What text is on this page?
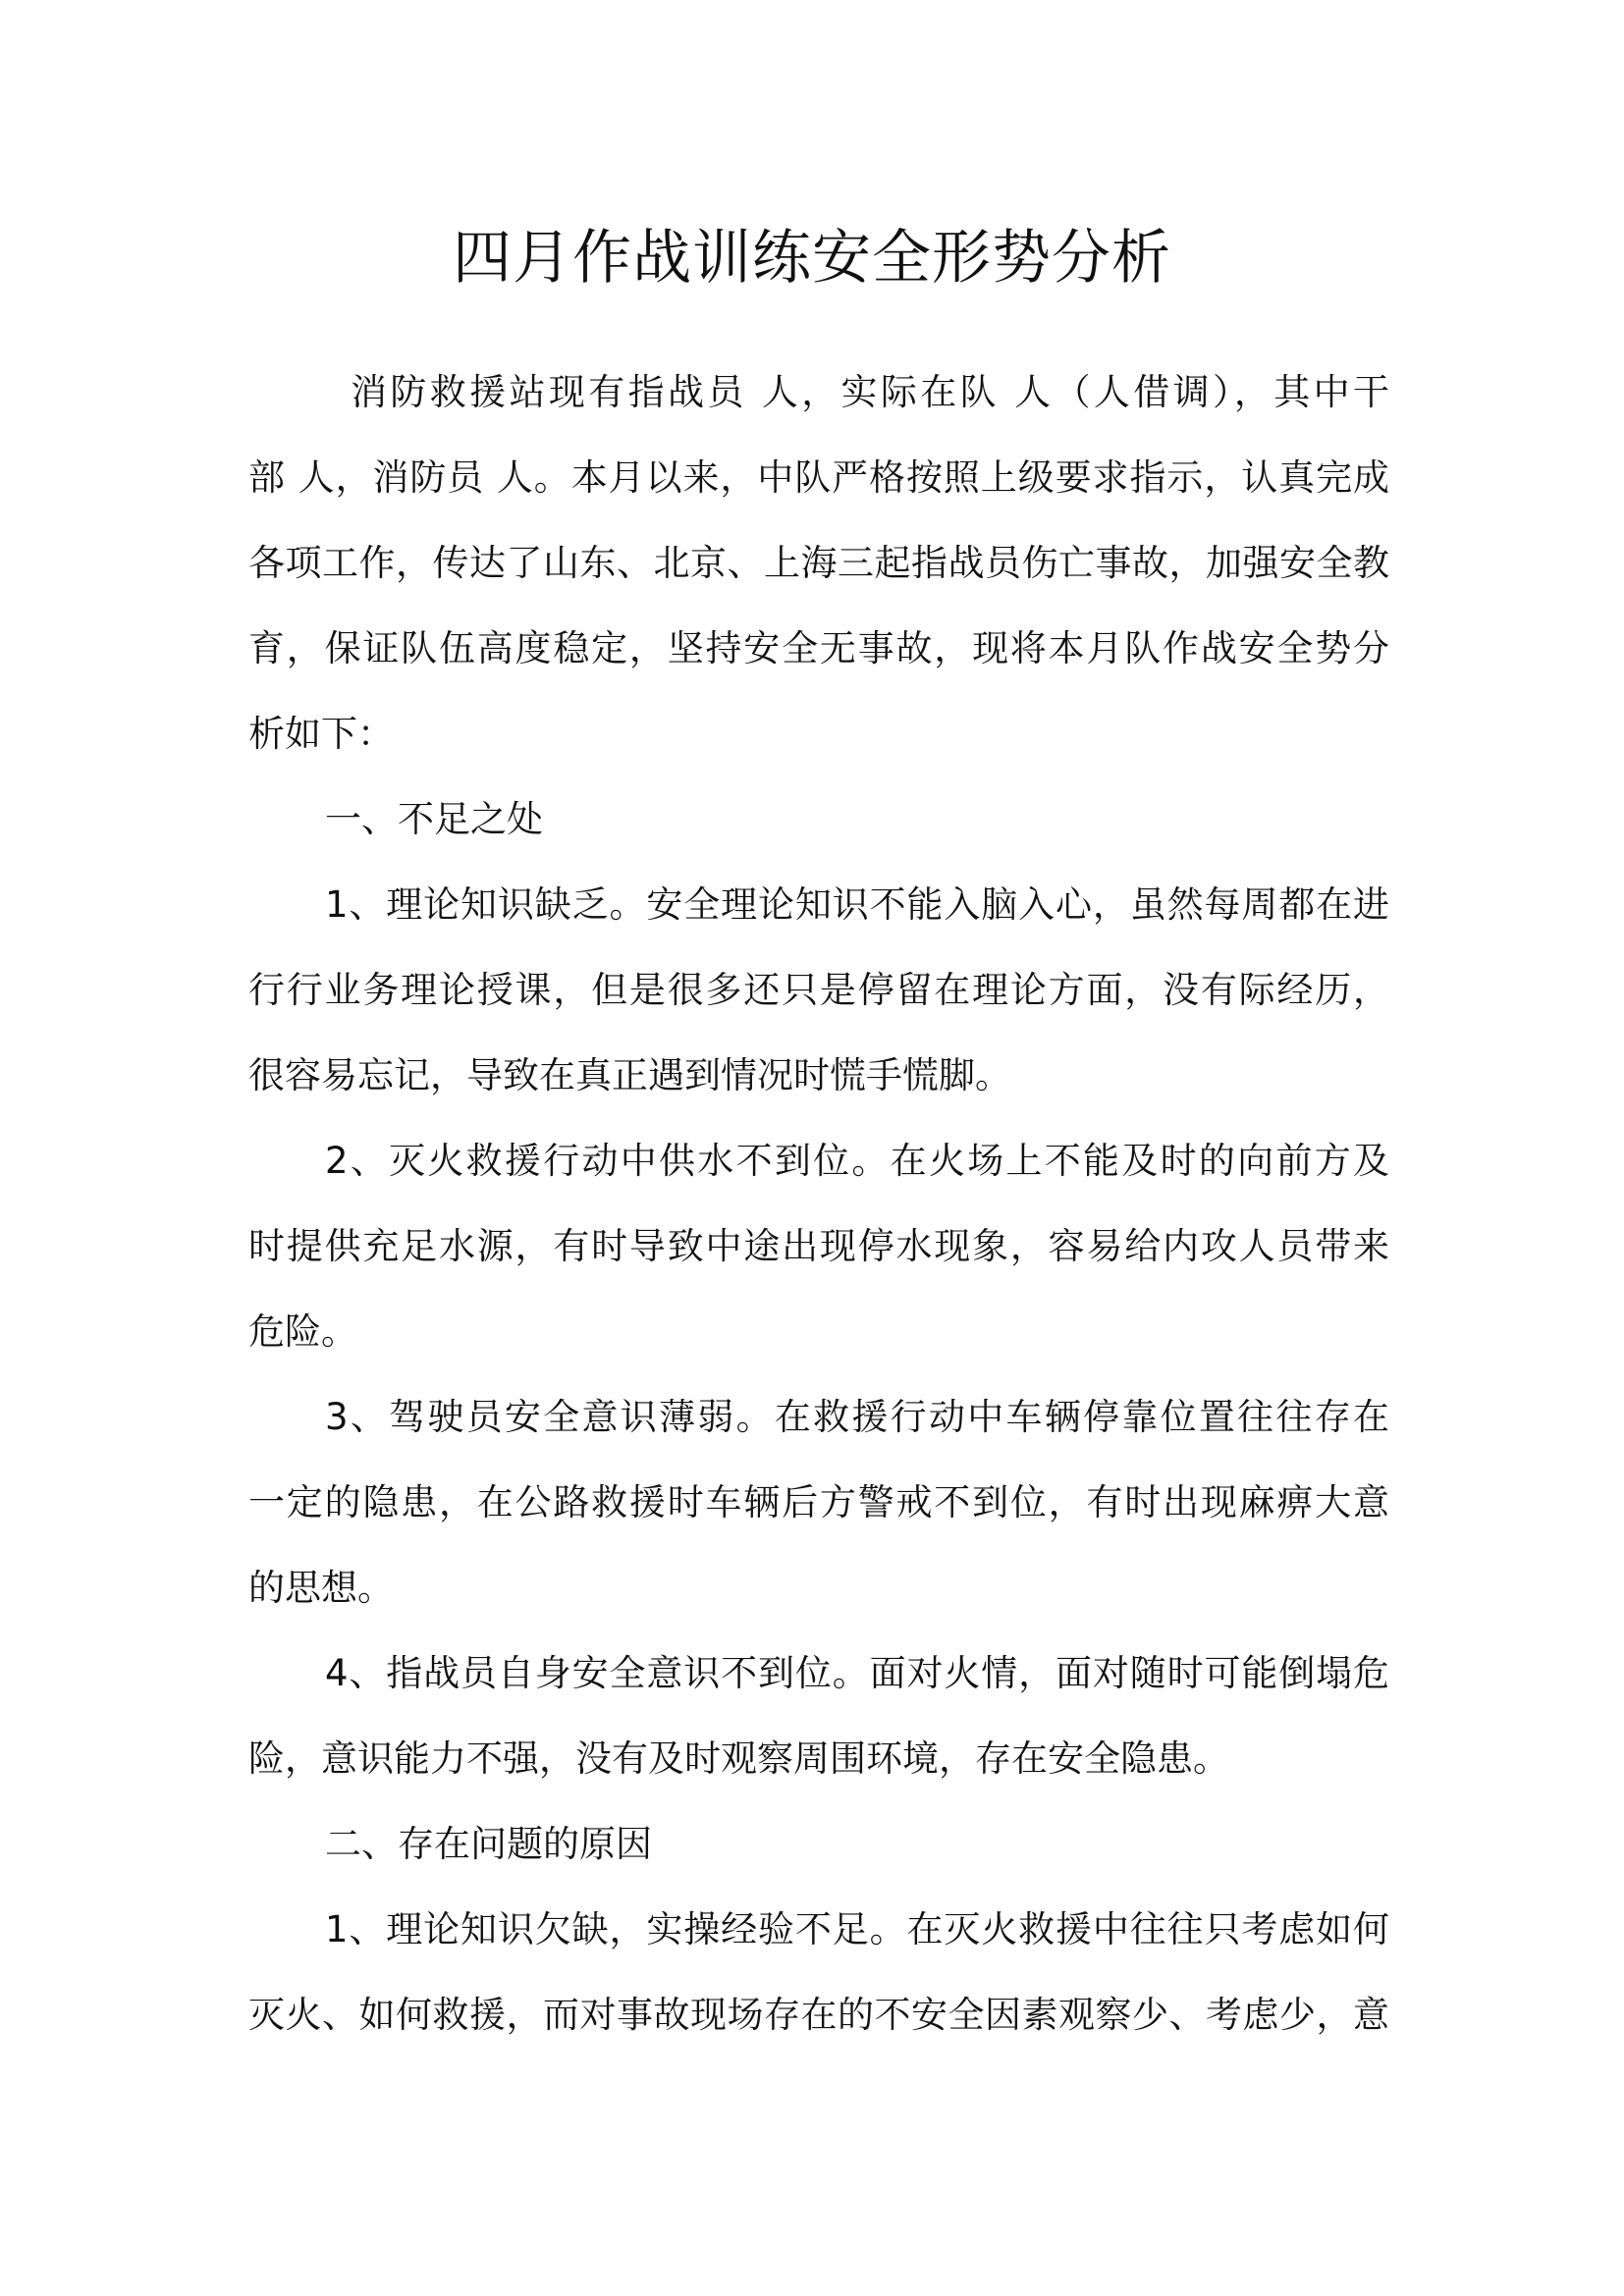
四月作战训练安全形势分析
消防救援站现有指战员 人，实际在队 人（人借调），其中干
部 人，消防员 人。本月以来，中队严格按照上级要求指示，认真完成
各项工作，传达了山东、北京、上海三起指战员伤亡事故，加强安全教
育，保证队伍高度稳定，坚持安全无事故，现将本月队作战安全势分
析如下：
一、不足之处
1、理论知识缺乏。安全理论知识不能入脑入心，虽然每周都在进
行行业务理论授课，但是很多还只是停留在理论方面，没有际经历，
很容易忘记，导致在真正遇到情况时慌手慌脚。
2、灭火救援行动中供水不到位。在火场上不能及时的向前方及
时提供充足水源，有时导致中途出现停水现象，容易给内攻人员带来
危险。
3、驾驶员安全意识薄弱。在救援行动中车辆停靠位置往往存在
一定的隐患，在公路救援时车辆后方警戒不到位，有时出现麻痹大意
的思想。
4、指战员自身安全意识不到位。面对火情，面对随时可能倒塌危
险，意识能力不强，没有及时观察周围环境，存在安全隐患。
二、存在问题的原因
1、理论知识欠缺，实操经验不足。在灭火救援中往往只考虑如何
灭火、如何救援，而对事故现场存在的不安全因素观察少、考虑少，意
